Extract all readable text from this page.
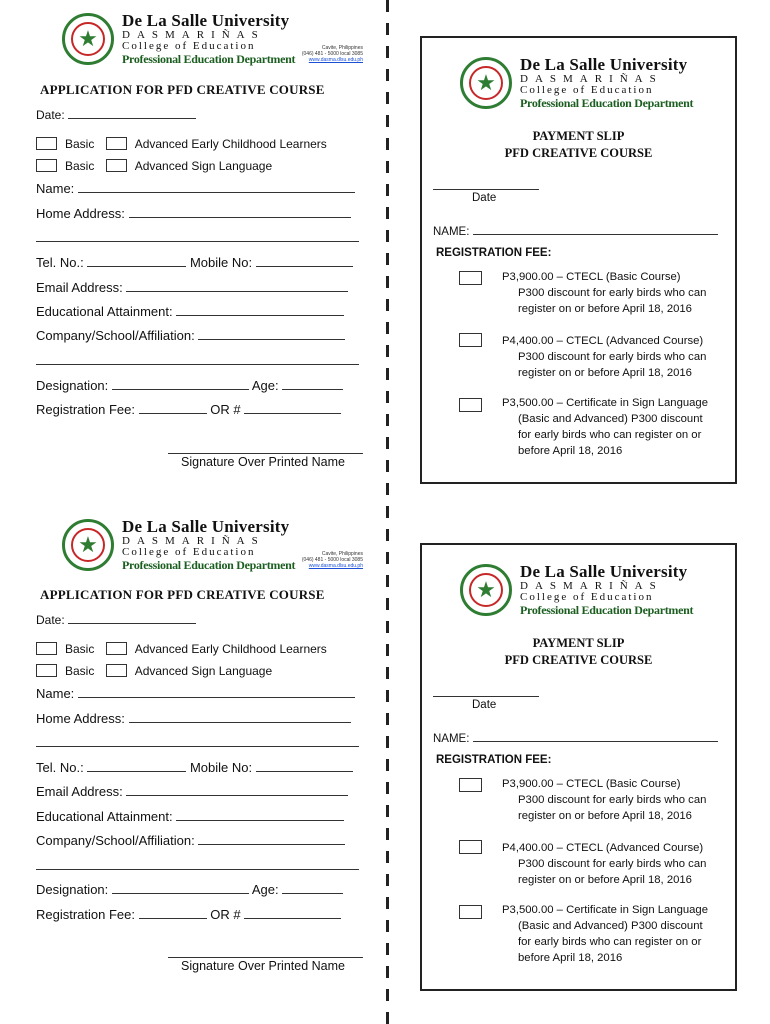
★
De La Salle University
DASMARIÑAS
College of Education
Professional Education Department
Cavite, Philippines
(046) 481 - 5000 local 3085
www.dasma.dlsu.edu.ph
APPLICATION FOR PFD CREATIVE COURSE
Date:
Basic	Advanced Early Childhood Learners
Basic	Advanced Sign Language
Name:
Home Address:
Tel. No.:	Mobile No:
Email Address:
Educational Attainment:
Company/School/Affiliation:
Designation:	Age:
Registration Fee:	OR #
Signature Over Printed Name
★
De La Salle University
DASMARIÑAS
College of Education
Professional Education Department
PAYMENT SLIP
PFD CREATIVE COURSE
Date
NAME:
REGISTRATION FEE:
P3,900.00 – CTECL (Basic Course)
P300 discount for early birds who can
register on or before April 18, 2016
P4,400.00 – CTECL (Advanced Course)
P300 discount for early birds who can
register on or before April 18, 2016
P3,500.00 – Certificate in Sign Language
(Basic and Advanced) P300 discount
for early birds who can register on or
before April 18, 2016
★
De La Salle University
DASMARIÑAS
College of Education
Professional Education Department
Cavite, Philippines
(046) 481 - 5000 local 3085
www.dasma.dlsu.edu.ph
APPLICATION FOR PFD CREATIVE COURSE
Date:
Basic	Advanced Early Childhood Learners
Basic	Advanced Sign Language
Name:
Home Address:
Tel. No.:	Mobile No:
Email Address:
Educational Attainment:
Company/School/Affiliation:
Designation:	Age:
Registration Fee:	OR #
Signature Over Printed Name
★
De La Salle University
DASMARIÑAS
College of Education
Professional Education Department
PAYMENT SLIP
PFD CREATIVE COURSE
Date
NAME:
REGISTRATION FEE:
P3,900.00 – CTECL (Basic Course)
P300 discount for early birds who can
register on or before April 18, 2016
P4,400.00 – CTECL (Advanced Course)
P300 discount for early birds who can
register on or before April 18, 2016
P3,500.00 – Certificate in Sign Language
(Basic and Advanced) P300 discount
for early birds who can register on or
before April 18, 2016
